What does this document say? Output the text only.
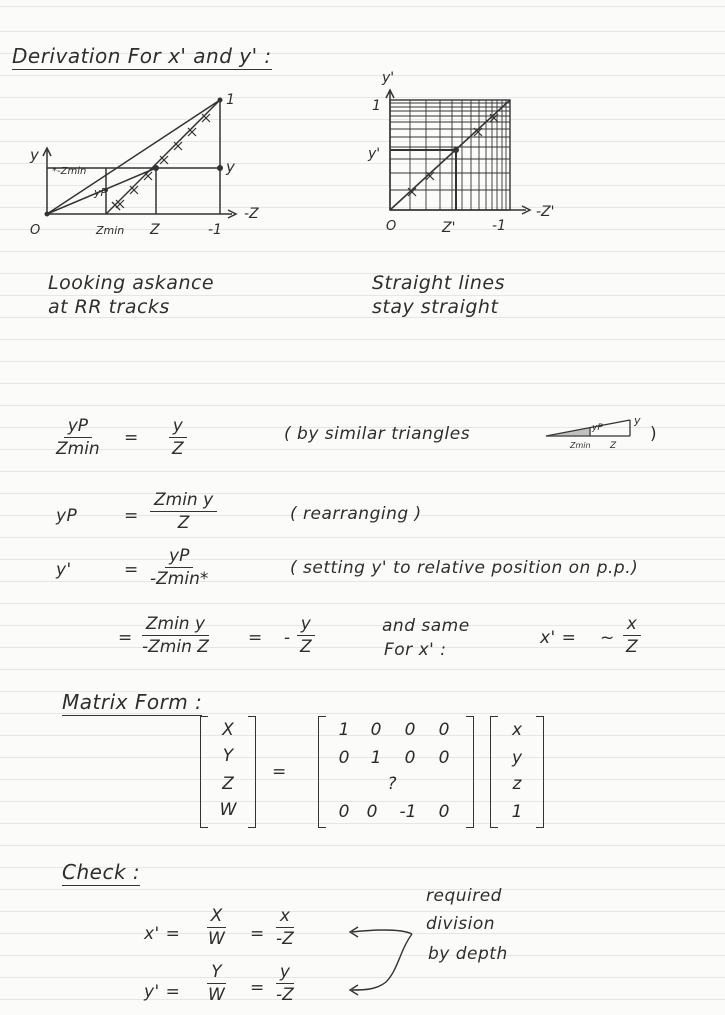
Derivation For x' and y' :
y
*-Zmin
yP
y
1
-Z
O	Zmin Z	-1
y'
1
y'
-Z'
O	Z'	-1
Looking askance
at RR tracks
Straight lines
stay straight
yP
Zmin
= $\frac{y}{Z}$	( by similar triangles	yP
y
Zmin Z
)
yP	=
Zmin y
Z	( rearranging )
y'	=
yP
-Zmin*
( setting y' to relative position on p.p.)
=
Zmin y
-Zmin Z = - $\frac{y}{Z}$	and same
For x' :
x' = ~ $\frac{x}{Z}$
Matrix Form :
X
Y
Z
W
=
1	0	0	0
0	1	0	0
?
0	0	-1	0
x
y
z
1
Check :
$x' = \frac{X}{W} = \frac{x}{-Z}$
$y' = \frac{Y}{W} = \frac{y}{-Z}$
required
division
by depth
